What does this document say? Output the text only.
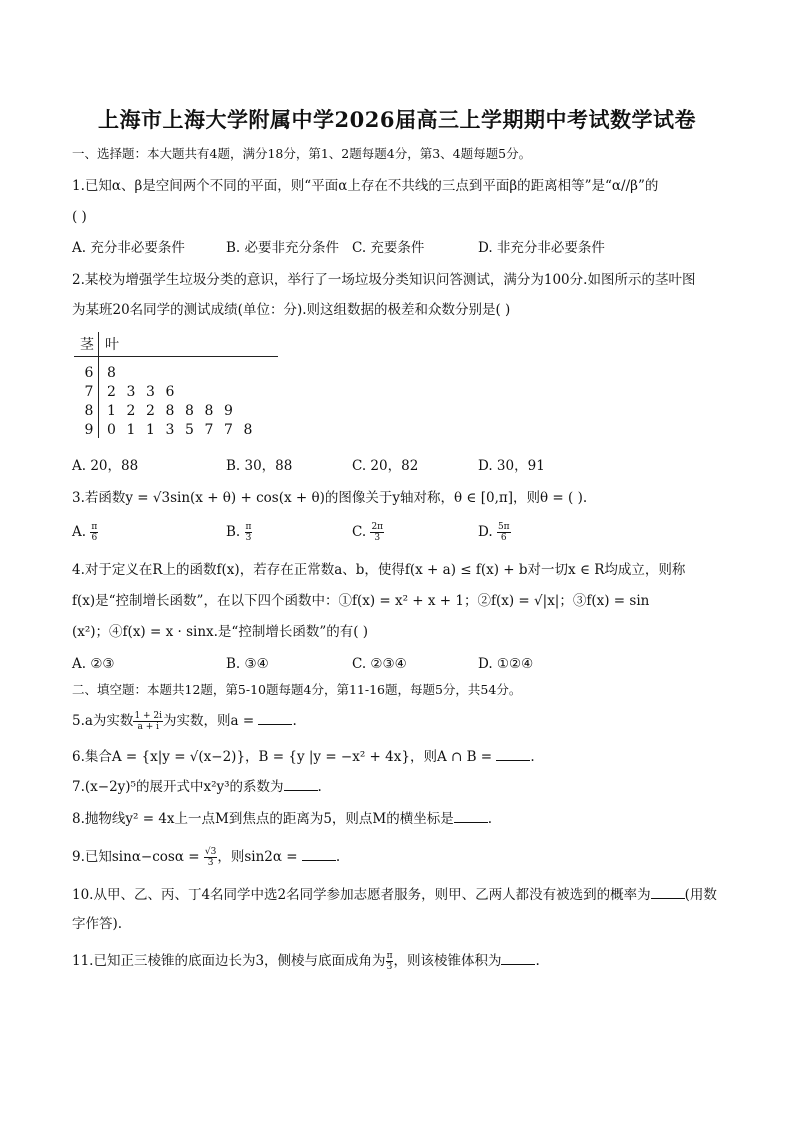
上海市上海大学附属中学2026届高三上学期期中考试数学试卷
一、选择题：本大题共有4题，满分18分，第1、2题每题4分，第3、4题每题5分。
1.已知α、β是空间两个不同的平面，则“平面α上存在不共线的三点到平面β的距离相等”是“α//β”的
( )
A. 充分非必要条件	B. 必要非充分条件 C. 充要条件	D. 非充分非必要条件
2.某校为增强学生垃圾分类的意识，举行了一场垃圾分类知识问答测试，满分为100分.如图所示的茎叶图
为某班20名同学的测试成绩(单位：分).则这组数据的极差和众数分别是( )
茎 叶
6 8
7 2 3 3 6
8 1 2 2 8 8 8 9
9 0 1 1 3 5 7 7 8
A. 20，88	B. 30，88	C. 20，82	D. 30，91
3.若函数y = √3sin(x + θ) + cos(x + θ)的图像关于y轴对称，θ ∈ [0,π]，则θ = ( ).
A. $\frac{\pi}{6}$	B. $\frac{\pi}{3}$	C. $\frac{2\pi}{3}$	D. $\frac{5\pi}{6}$
4.对于定义在R上的函数f(x)，若存在正常数a、b，使得f(x + a) ≤ f(x) + b对一切x ∈ R均成立，则称
f(x)是“控制增长函数”，在以下四个函数中：①f(x) = x² + x + 1；②f(x) = √|x|；③f(x) = sin
(x²)；④f(x) = x · sinx.是“控制增长函数”的有( )
A. ②③	B. ③④	C. ②③④	D. ①②④
二、填空题：本题共12题，第5-10题每题4分，第11-16题，每题5分，共54分。
5.a为实数 $\frac{1 + 2i}{a + i}$ 为实数，则a =	.
6.集合A = {x|y = √(x−2)}，B = {y |y = −x² + 4x}，则A ∩ B =	.
7.(x−2y)⁵的展开式中x²y³的系数为	.
8.抛物线y² = 4x上一点M到焦点的距离为5，则点M的横坐标是	.
9.已知$\sin\alpha-\cos\alpha = \frac{√3}{3}$ ，则sin2α =	.
10.从甲、乙、丙、丁4名同学中选2名同学参加志愿者服务，则甲、乙两人都没有被选到的概率为	(用数
字作答).
11.已知正三棱锥的底面边长为3，侧棱与底面成角为 $\frac{\pi}{3}$ ，则该棱锥体积为	.
